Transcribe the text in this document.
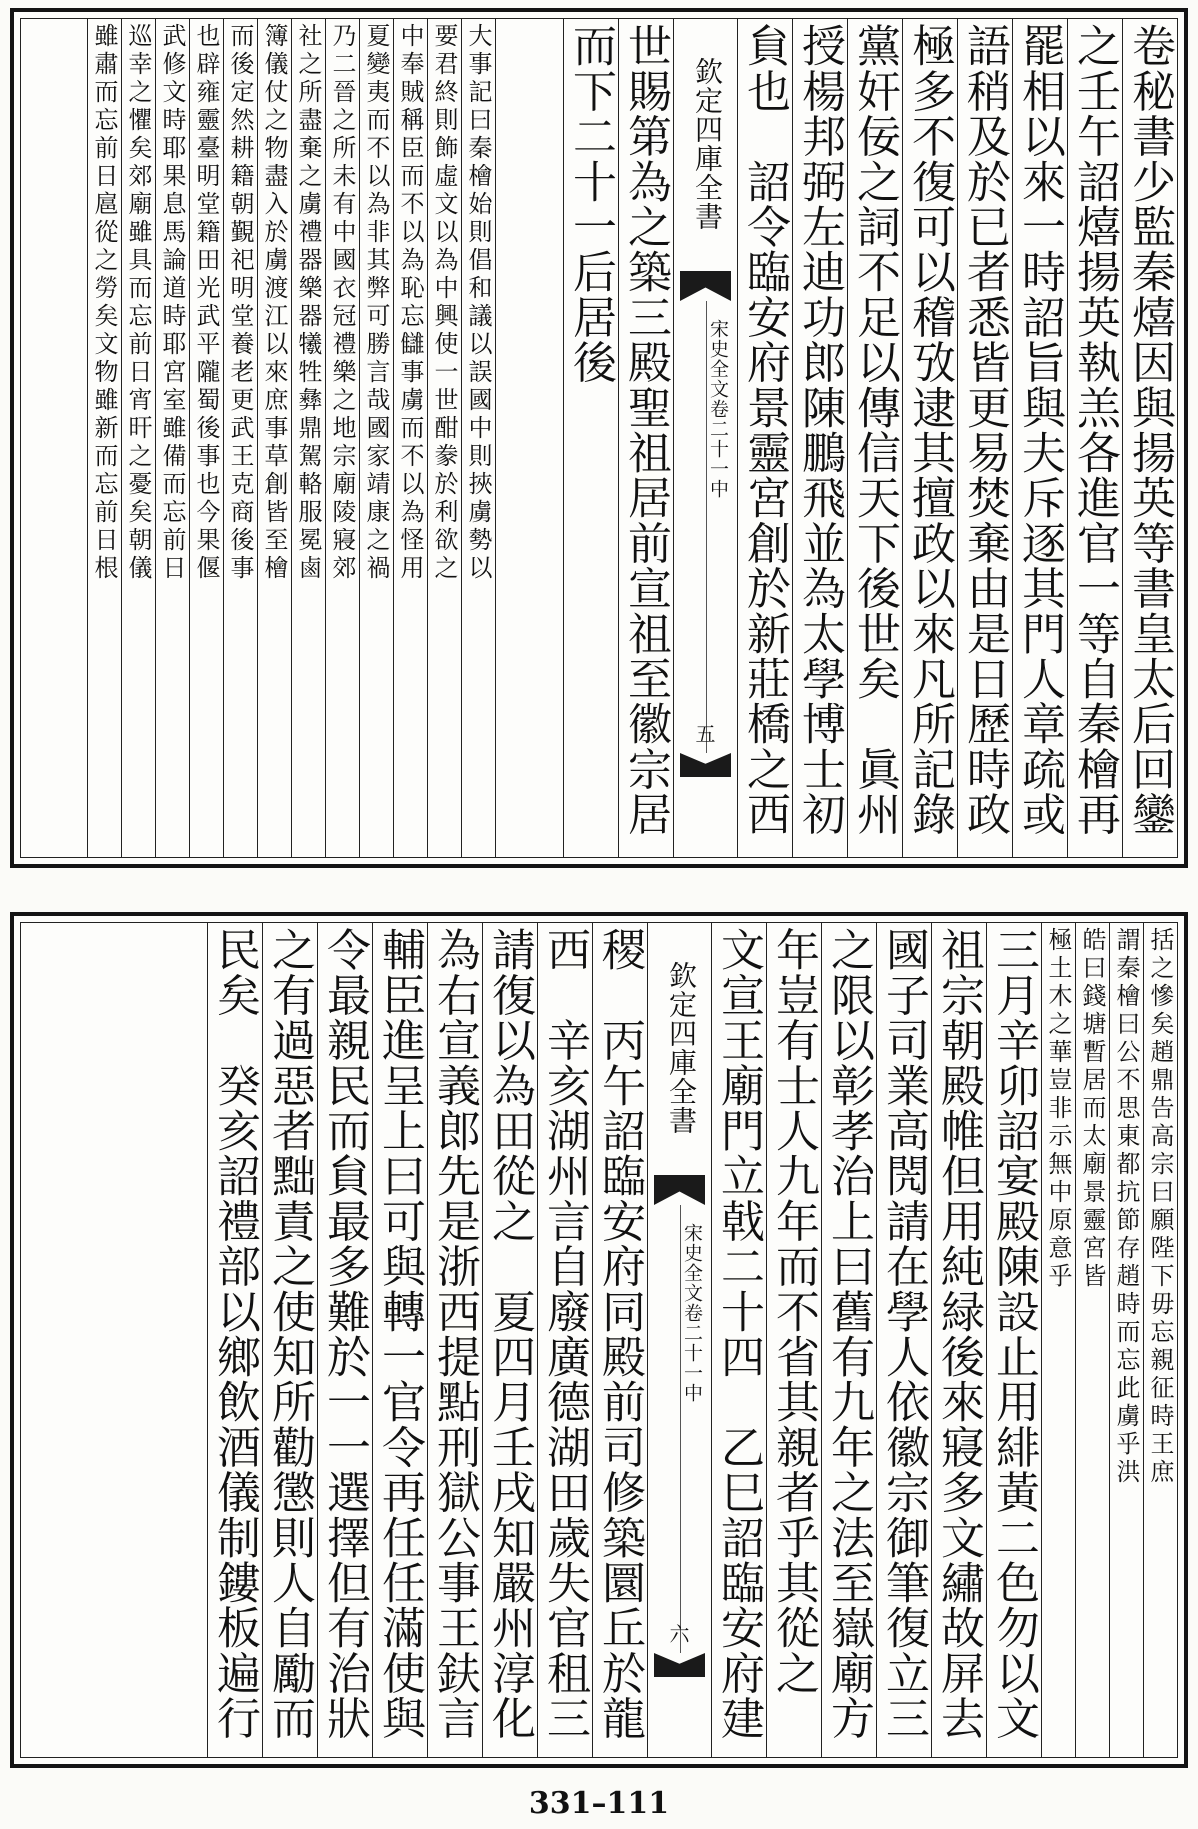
卷秘書少監秦熺因與揚英等書皇太后回鑾
之壬午詔熺揚英執羔各進官一等自秦檜再
罷相以來一時詔旨與夫斥逐其門人章疏或
語稍及於已者悉皆更易焚棄由是日歷時政
極多不復可以稽攷逮其擅政以來凡所記錄
黨奸佞之詞不足以傳信天下後世矣　眞州
授楊邦弼左迪功郎陳鵬飛並為太學博士初
貟也　詔令臨安府景靈宮創於新莊橋之西
欽定四庫全書
宋史全文
卷二十一中
五
世賜第為之築三殿聖祖居前宣祖至徽宗居
而下二十一后居後
大事記曰秦檜始則倡和議以誤國中則挾虜勢以
要君終則飾虛文以為中興使一世酣豢於利欲之
中奉賊稱臣而不以為恥忘讎事虜而不以為怪用
夏變夷而不以為非其弊可勝言哉國家靖康之禍
乃二晉之所未有中國衣冠禮樂之地宗廟陵寢郊
社之所盡棄之虜禮器樂器犧牲彝鼎駕輅服冕鹵
簿儀仗之物盡入於虜渡江以來庶事草創皆至檜
而後定然耕籍朝覲祀明堂養老更武王克商後事
也辟雍靈臺明堂籍田光武平隴蜀後事也今果偃
武修文時耶果息馬論道時耶宮室雖備而忘前日
巡幸之懼矣郊廟雖具而忘前日宵旰之憂矣朝儀
雖肅而忘前日扈從之勞矣文物雖新而忘前日根
括之慘矣趙鼎告高宗曰願陛下毋忘親征時王庶
謂秦檜曰公不思東都抗節存趙時而忘此虜乎洪
皓曰錢塘暫居而太廟景靈宮皆
極土木之華豈非示無中原意乎
三月辛卯詔宴殿陳設止用緋黃二色勿以文
祖宗朝殿帷但用純緑後來寢多文繡故屏去
國子司業高閌請在學人依徽宗御筆復立三
之限以彰孝治上曰舊有九年之法至嶽廟方
年豈有士人九年而不省其親者乎其從之　
文宣王廟門立戟二十四　乙巳詔臨安府建
欽定四庫全書
宋史全文
卷二十一中
六
稷　丙午詔臨安府同殿前司修築圜丘於龍
西　辛亥湖州言自廢廣德湖田歲失官租三
請復以為田從之　夏四月壬戌知嚴州淳化
為右宣義郎先是浙西提點刑獄公事王鈇言
輔臣進呈上曰可與轉一官令再任任滿使與
令最親民而貟最多難於一一選擇但有治狀
之有過惡者黜責之使知所勸懲則人自勵而
民矣　癸亥詔禮部以鄉飲酒儀制鏤板遍行
331–111
